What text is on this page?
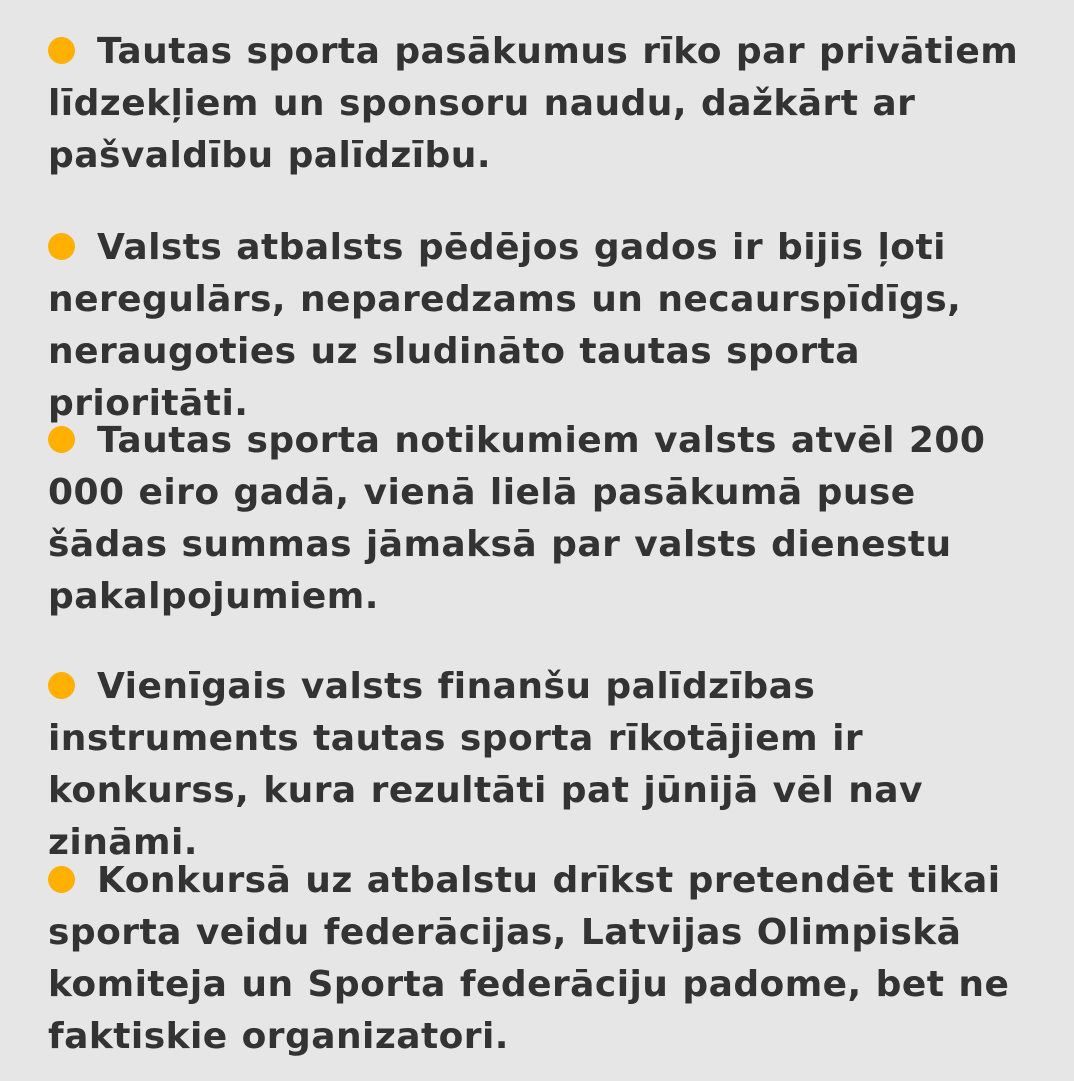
Tautas sporta pasākumus rīko par privātiem līdzekļiem un sponsoru naudu, dažkārt ar pašvaldību palīdzību.
Valsts atbalsts pēdējos gados ir bijis ļoti neregulārs, neparedzams un necaurspīdīgs, neraugoties uz sludināto tautas sporta prioritāti.
Tautas sporta notikumiem valsts atvēl 200 000 eiro gadā, vienā lielā pasākumā puse šādas summas jāmaksā par valsts dienestu pakalpojumiem.
Vienīgais valsts finanšu palīdzības instruments tautas sporta rīkotājiem ir konkurss, kura rezultāti pat jūnijā vēl nav zināmi.
Konkursā uz atbalstu drīkst pretendēt tikai sporta veidu federācijas, Latvijas Olimpiskā komiteja un Sporta federāciju padome, bet ne faktiskie organizatori.
